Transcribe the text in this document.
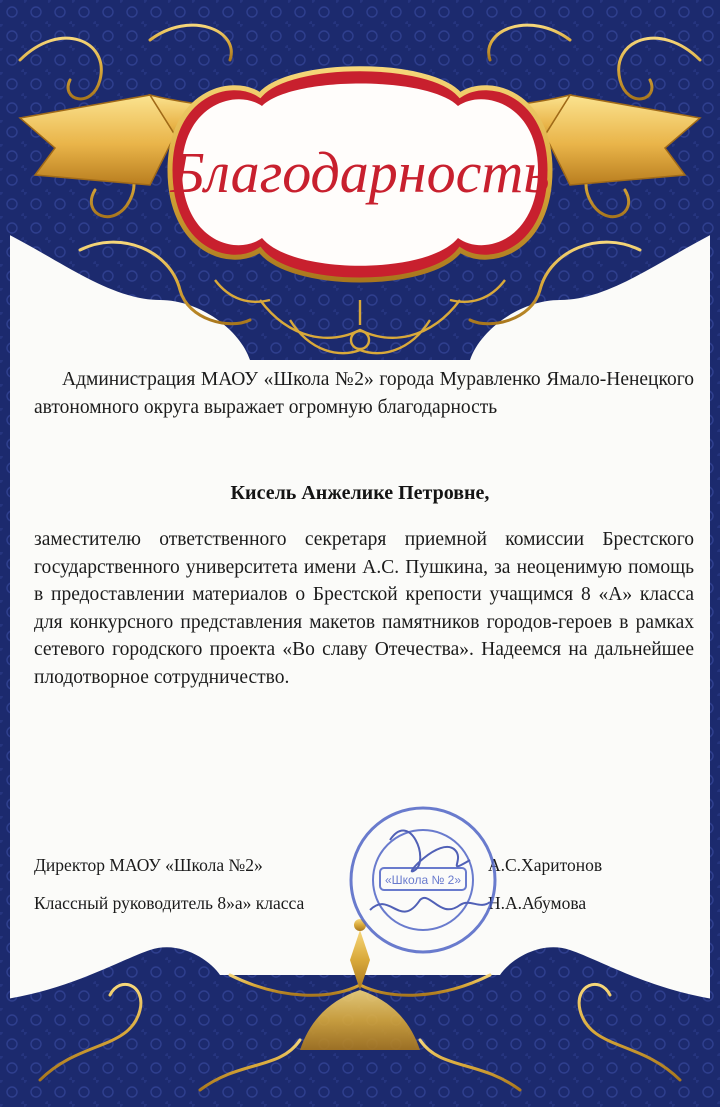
Благодарность
Администрация МАОУ «Школа №2» города Муравленко Ямало-Ненецкого автономного округа выражает огромную благодарность
Кисель Анжелике Петровне,
заместителю ответственного секретаря приемной комиссии Брестского государственного университета имени А.С. Пушкина, за неоценимую помощь в предоставлении материалов о Брестской крепости учащимся 8 «А» класса для конкурсного представления макетов памятников городов-героев в рамках сетевого городского проекта «Во славу Отечества». Надеемся на дальнейшее плодотворное сотрудничество.
Директор МАОУ «Школа №2»	А.С.Харитонов
Классный руководитель 8»а» класса	Н.А.Абумова
«Школа № 2»
